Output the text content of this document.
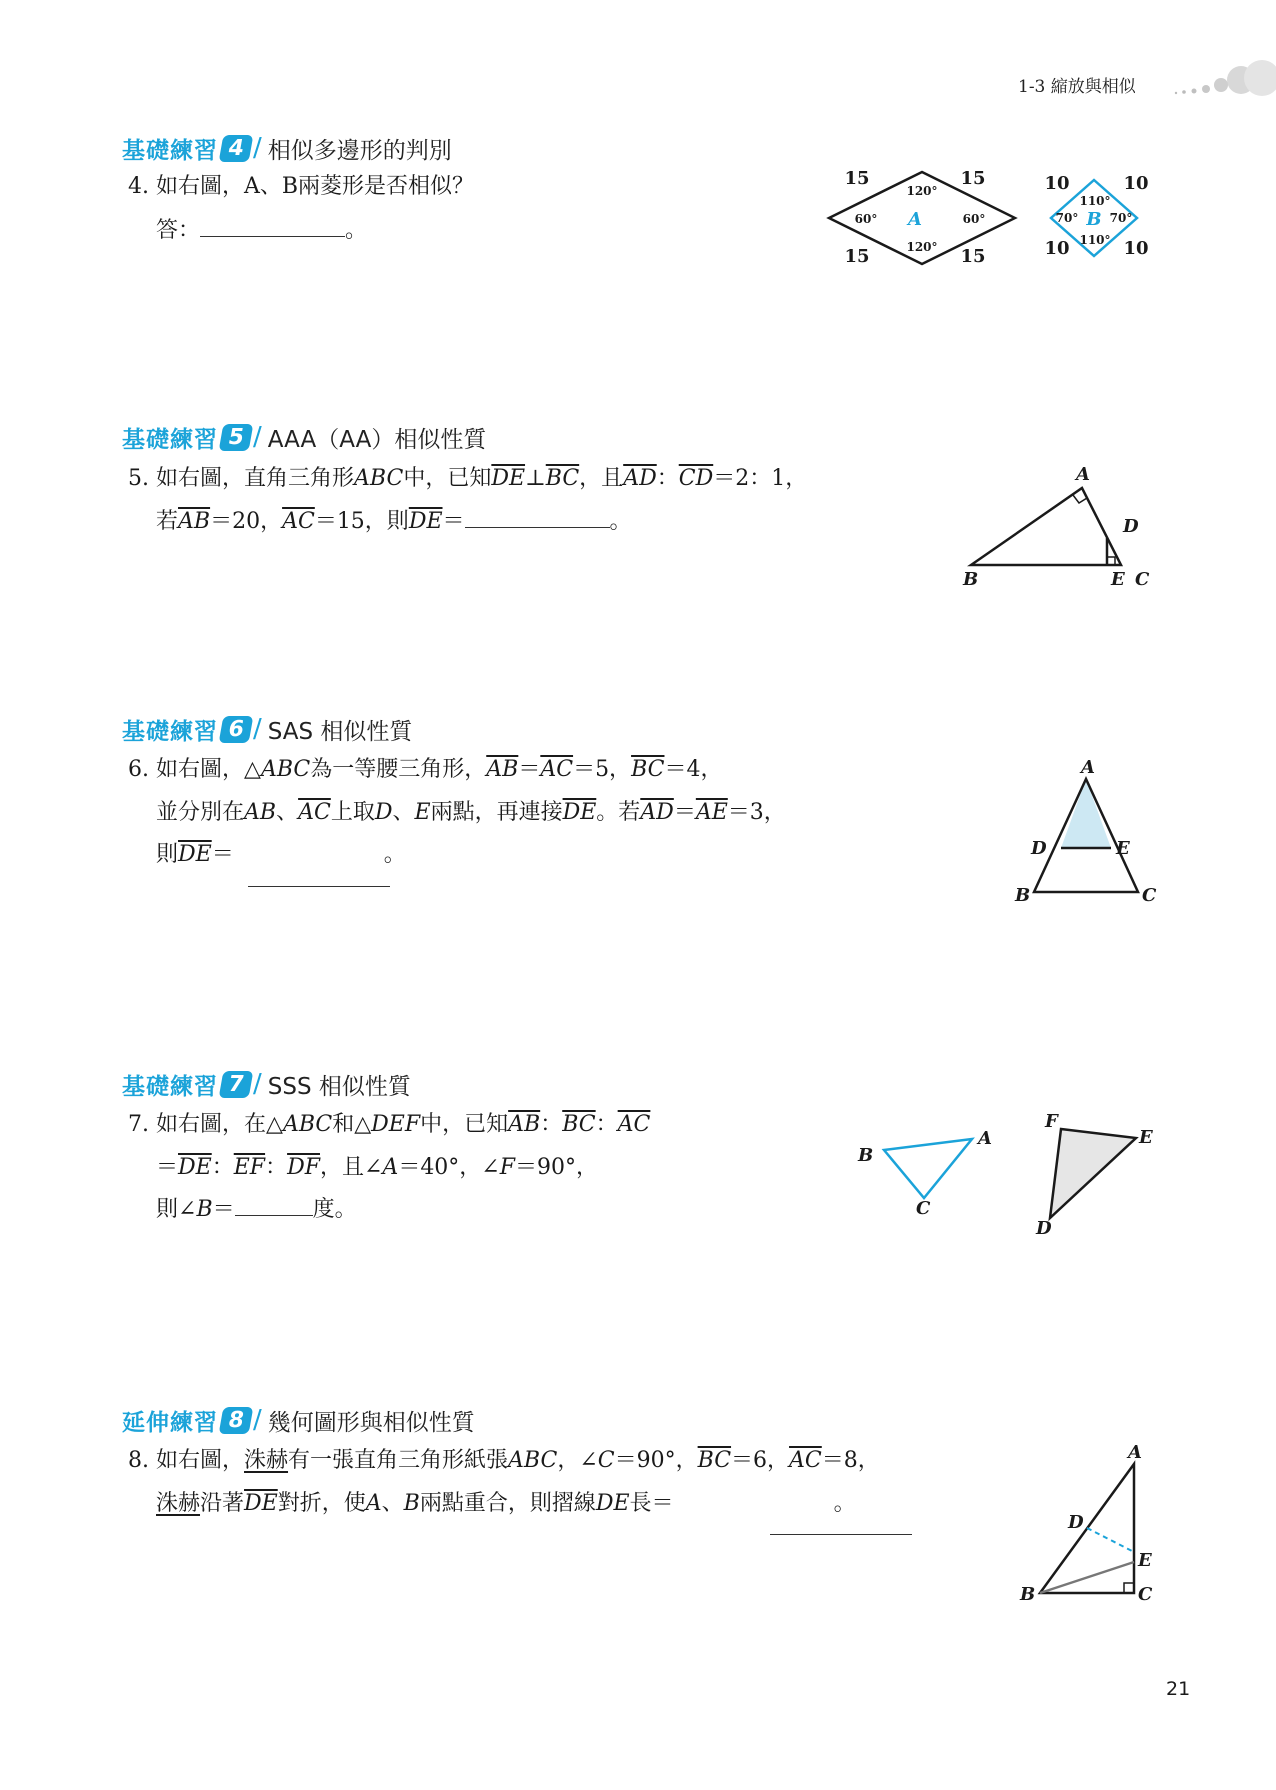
1-3 縮放與相似
基礎練習 4 / 相似多邊形的判別
4. 如右圖，A、B兩菱形是否相似？
答：	。	A
15	15
15	15
120°
60°	60°
120°
B
10	10
10	10
110°
70°	70°
110°
基礎練習 5 / AAA（AA）相似性質
5. 如右圖，直角三角形ABC中，已知$\overline{DE}\perp\overline{BC}$，且$\overline{AD}$：$\overline{CD}=2$：1，
若$\overline{AB}=20$，$\overline{AC}=15$，則$\overline{DE}=$	。
A
B	C
D
E
基礎練習 6 / SAS 相似性質
6. 如右圖，△ABC為一等腰三角形，$\overline{AB}=\overline{AC}=5$，$\overline{BC}=4$，
並分別在AB、$\overline{AC}$上取D、E兩點，再連接$\overline{DE}$。若$\overline{AD}=\overline{AE}=3$，
則$\overline{DE}=$	。
A
B	C
D	E
基礎練習 7 / SSS 相似性質
7. 如右圖，在△ABC和△DEF中，已知$\overline{AB}$：$\overline{BC}$：$\overline{AC}$
$=\overline{DE}$：$\overline{EF}$：$\overline{DF}$，且∠A＝40°，∠F＝90°，
則∠B＝	度。
A
B
C
D
E
F
延伸練習 8 / 幾何圖形與相似性質
8. 如右圖，洙赫有一張直角三角形紙張ABC，∠C＝90°，$\overline{BC}=6$，$\overline{AC}=8$，
洙赫沿著$\overline{DE}$對折，使A、B兩點重合，則摺線DE長＝	。
A
B	C
D
E
21
